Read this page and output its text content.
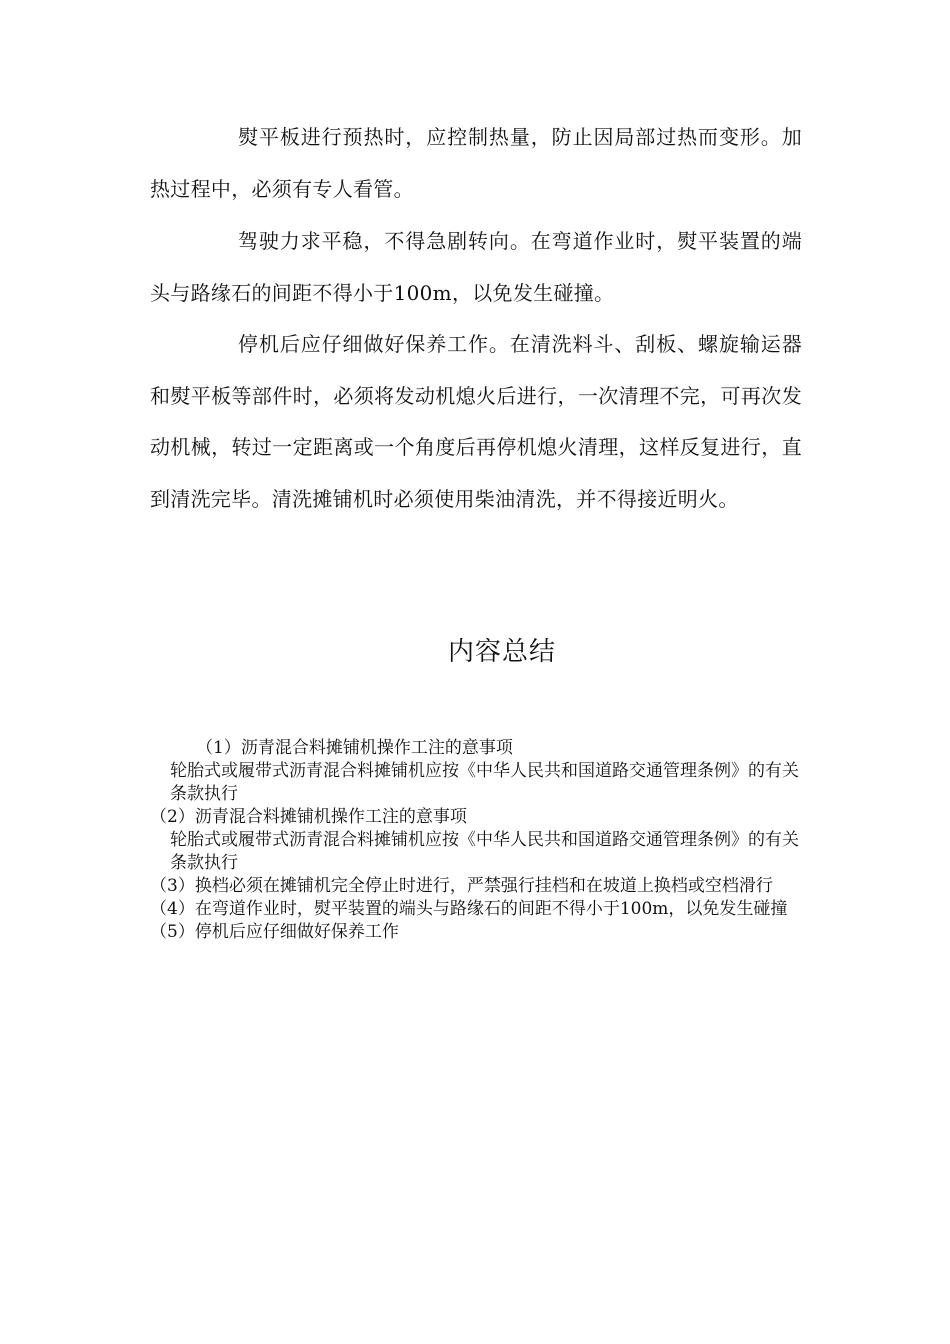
熨平板进行预热时，应控制热量，防止因局部过热而变形。加热过程中，必须有专人看管。

驾驶力求平稳，不得急剧转向。在弯道作业时，熨平装置的端头与路缘石的间距不得小于100m，以免发生碰撞。

停机后应仔细做好保养工作。在清洗料斗、刮板、螺旋输运器和熨平板等部件时，必须将发动机熄火后进行，一次清理不完，可再次发动机械，转过一定距离或一个角度后再停机熄火清理，这样反复进行，直到清洗完毕。清洗摊铺机时必须使用柴油清洗，并不得接近明火。

内容总结
（1）沥青混合料摊铺机操作工注的意事项
轮胎式或履带式沥青混合料摊铺机应按《中华人民共和国道路交通管理条例》的有关条款执行
（2）沥青混合料摊铺机操作工注的意事项
轮胎式或履带式沥青混合料摊铺机应按《中华人民共和国道路交通管理条例》的有关条款执行
（3）换档必须在摊铺机完全停止时进行，严禁强行挂档和在坡道上换档或空档滑行
（4）在弯道作业时，熨平装置的端头与路缘石的间距不得小于100m，以免发生碰撞
（5）停机后应仔细做好保养工作
